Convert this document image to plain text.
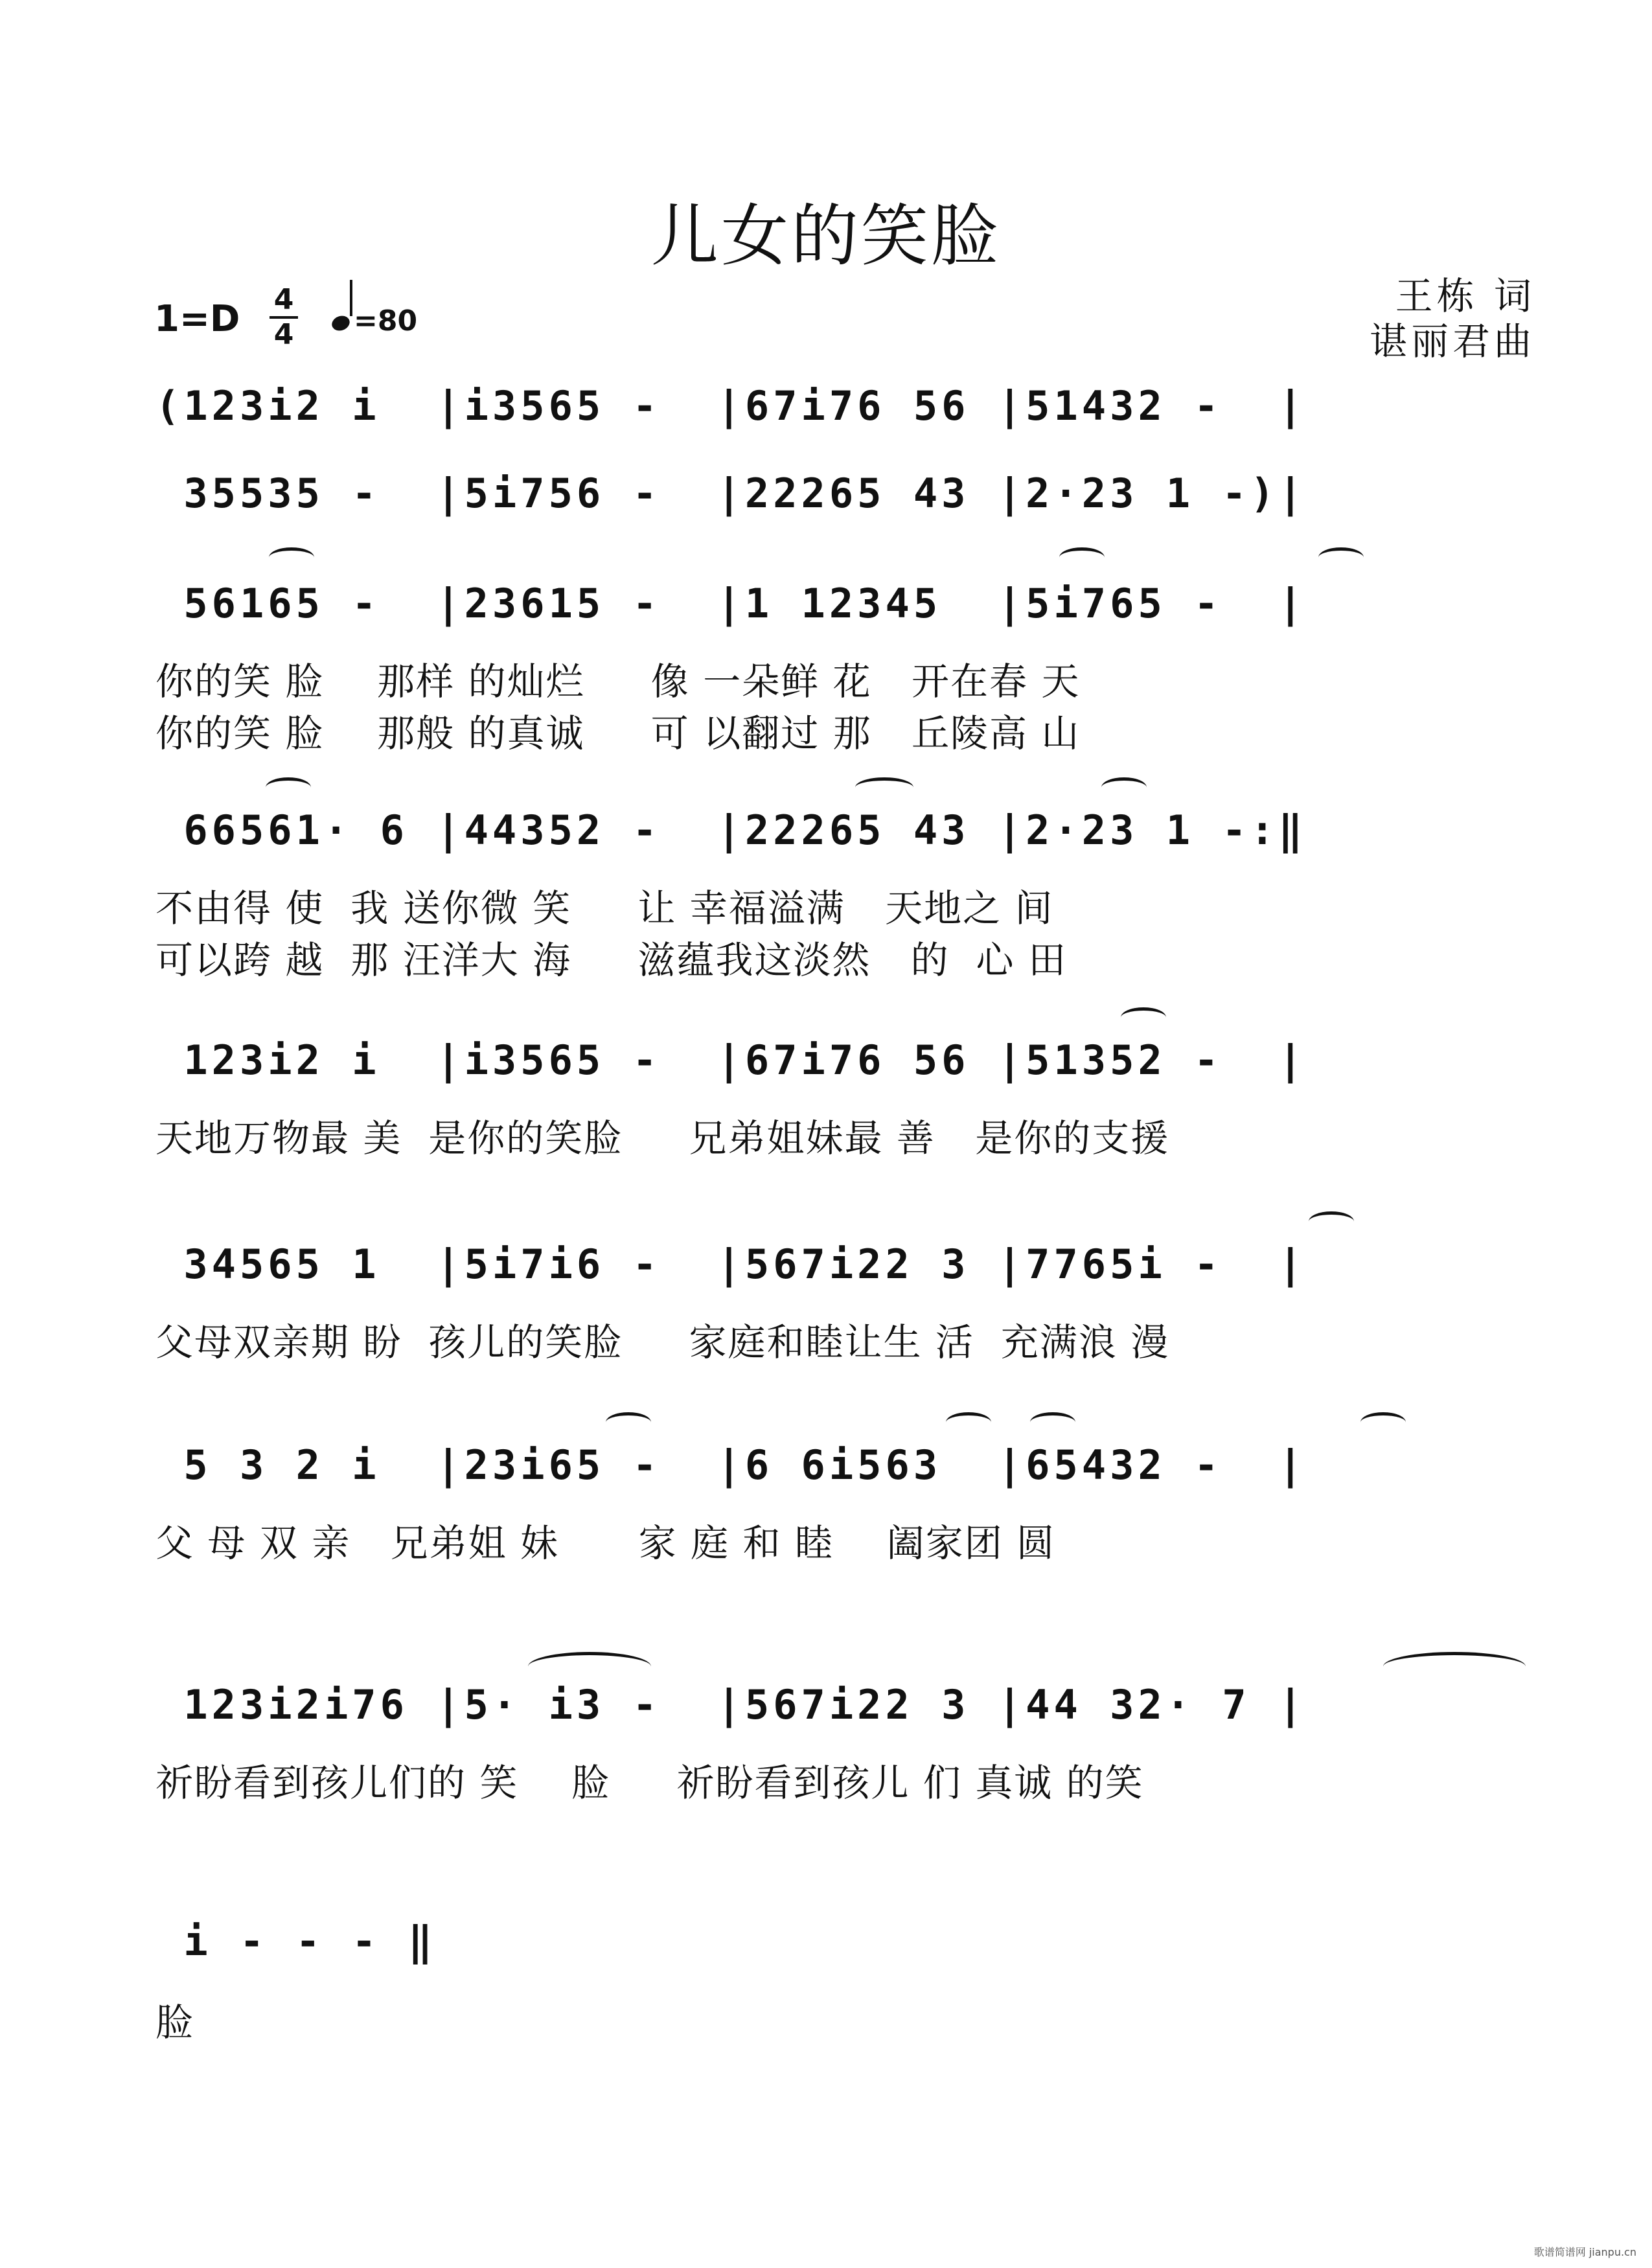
儿女的笑脸
王栋 词
谌丽君曲
1=D 4
4	=80
(123i2 i  |i3565 -  |67i76 56 |51432 -  |
35535 -  |5i756 -  |22265 43 |2·23 1 -)|
56165 -  |23615 -  |1 12345  |5i765 -  |
你的笑 脸    那样 的灿烂     像 一朵鲜 花   开在春 天
你的笑 脸    那般 的真诚     可 以翻过 那   丘陵高 山
66561· 6 |44352 -  |22265 43 |2·23 1 -:‖
不由得 使  我 送你微 笑     让 幸福溢满   天地之 间
可以跨 越  那 汪洋大 海     滋蕴我这淡然   的  心 田
123i2 i  |i3565 -  |67i76 56 |51352 -  |
天地万物最 美  是你的笑脸     兄弟姐妹最 善   是你的支援
34565 1  |5i7i6 -  |567i22 3 |7765i -  |
父母双亲期 盼  孩儿的笑脸     家庭和睦让生 活  充满浪 漫
5 3 2 i  |23i65 -  |6 6i563  |65432 -  |
父 母 双 亲   兄弟姐 妹      家 庭 和 睦    阖家团 圆
123i2i76 |5· i3 -  |567i22 3 |44 32· 7 |
祈盼看到孩儿们的 笑    脸     祈盼看到孩儿 们 真诚 的笑
i - - - ‖
脸
歌谱简谱网 jianpu.cn
